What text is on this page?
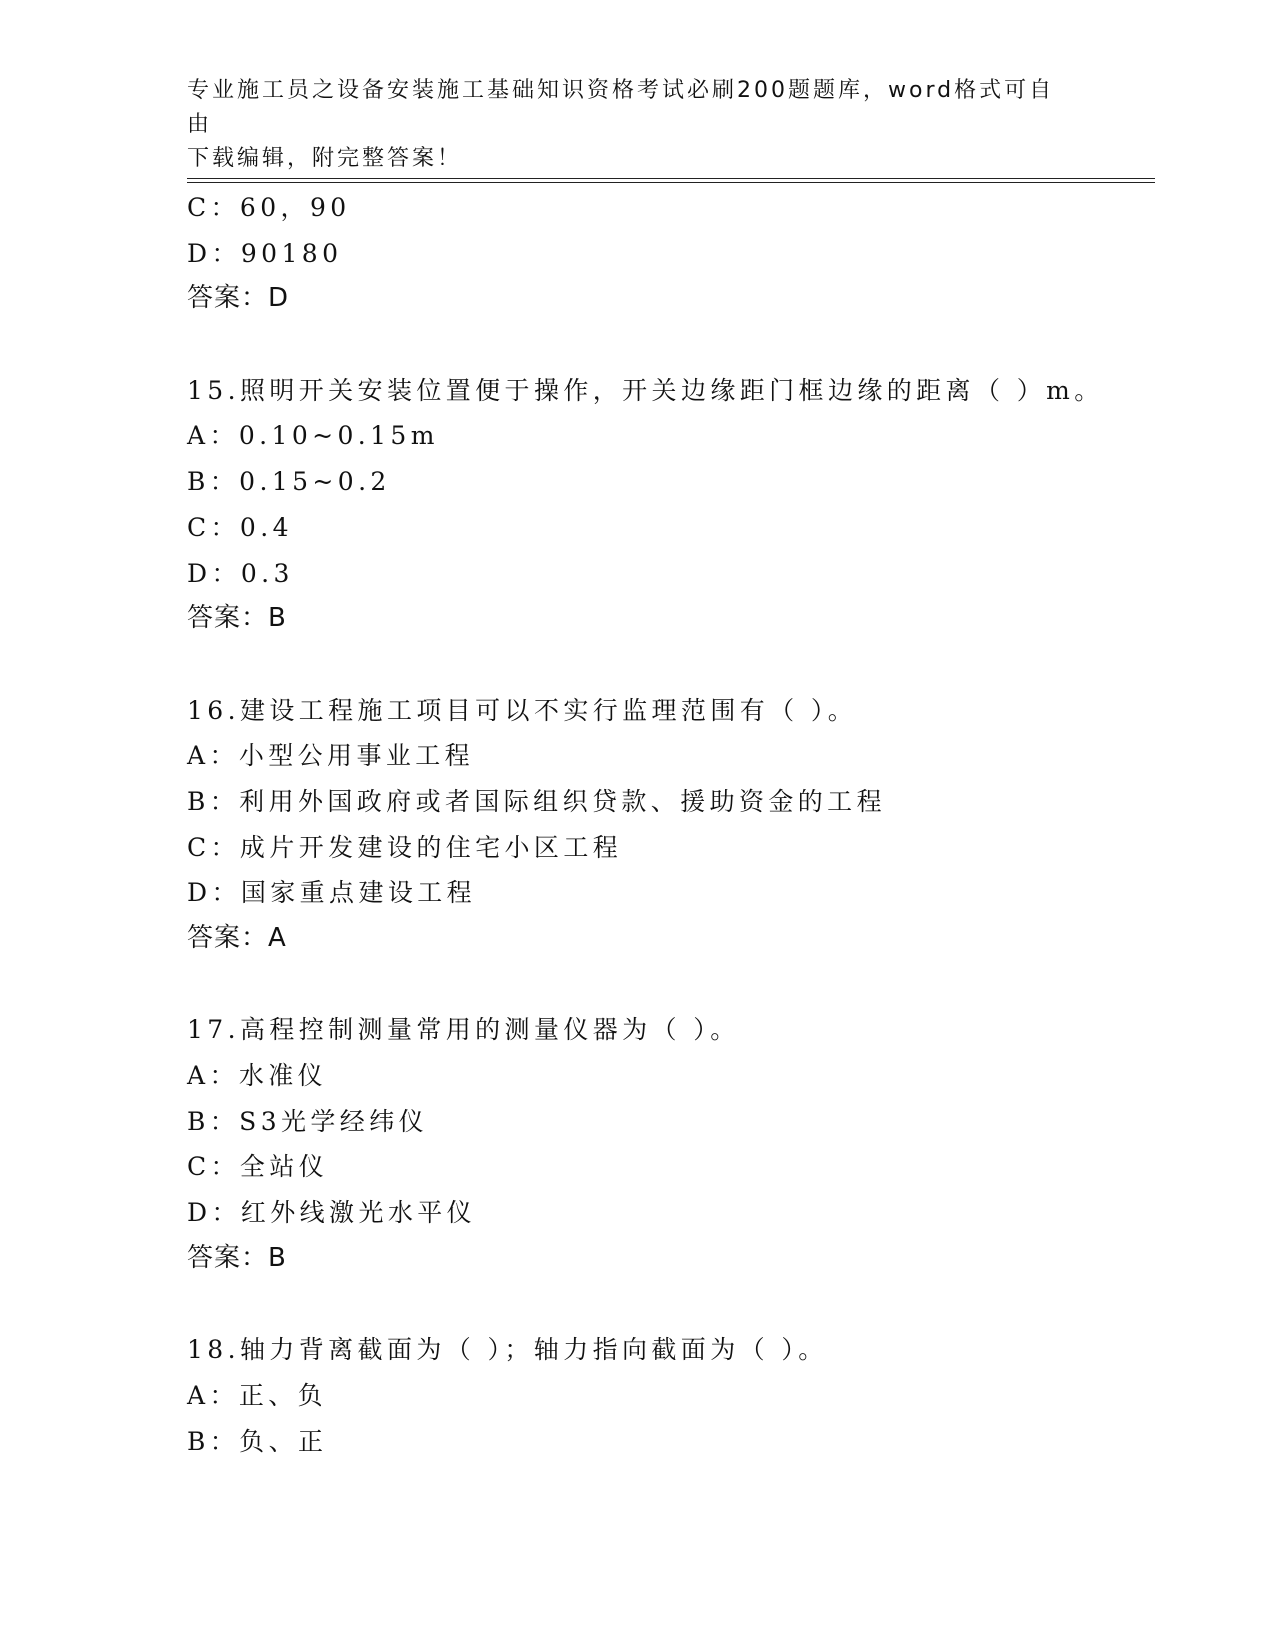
专业施工员之设备安装施工基础知识资格考试必刷200题题库，word格式可自由
下载编辑，附完整答案！
C：60，90
D：90180
答案：D
15.照明开关安装位置便于操作，开关边缘距门框边缘的距离（ ）m。
A：0.10~0.15m
B：0.15~0.2
C：0.4
D：0.3
答案：B
16.建设工程施工项目可以不实行监理范围有（ ）。
A：小型公用事业工程
B：利用外国政府或者国际组织贷款、援助资金的工程
C：成片开发建设的住宅小区工程
D：国家重点建设工程
答案：A
17.高程控制测量常用的测量仪器为（ ）。
A：水准仪
B：S3光学经纬仪
C：全站仪
D：红外线激光水平仪
答案：B
18.轴力背离截面为（ ）；轴力指向截面为（ ）。
A：正、负
B：负、正
